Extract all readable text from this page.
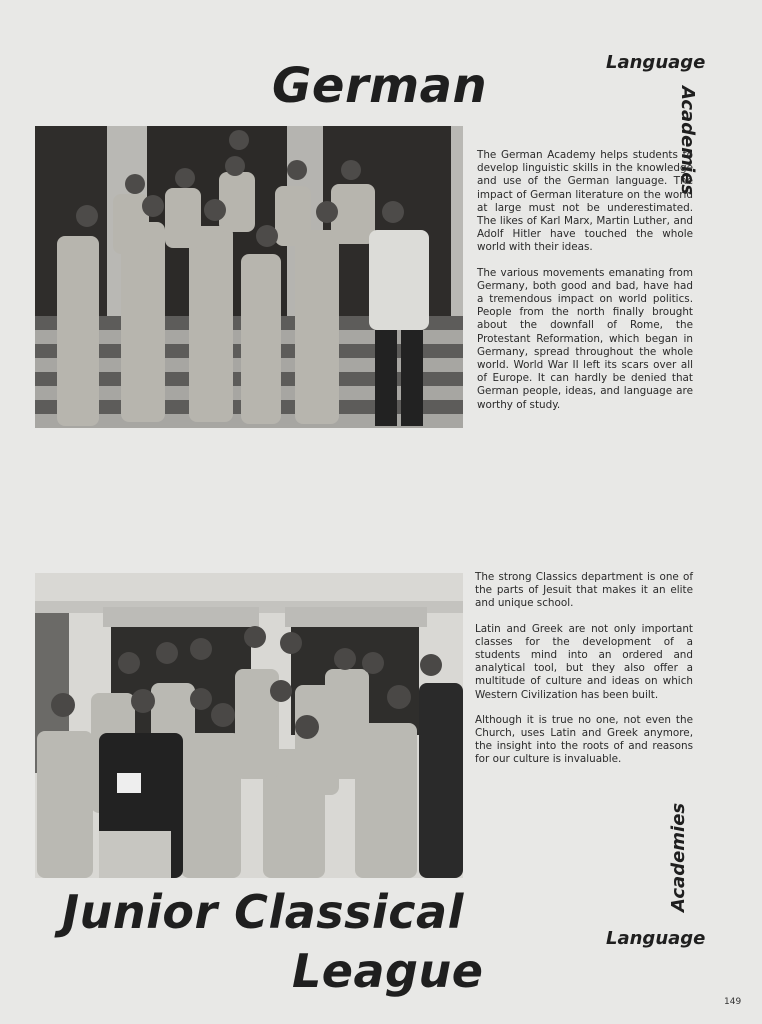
German	Language
Academies

The German Academy helps students to develop linguistic skills in the knowledge and use of the German language. The impact of German literature on the world at large must not be underestimated. The likes of Karl Marx, Martin Luther, and Adolf Hitler have touched the whole world with their ideas.

The various movements emanating from Germany, both good and bad, have had a tremendous impact on world politics. People from the north finally brought about the downfall of Rome, the Protestant Reformation, which began in Germany, spread throughout the whole world. World War II left its scars over all of Europe. It can hardly be denied that German people, ideas, and language are worthy of study.

The strong Classics department is one of the parts of Jesuit that makes it an elite and unique school.

Latin and Greek are not only important classes for the development of a students mind into an ordered and analytical tool, but they also offer a multitude of culture and ideas on which Western Civilization has been built.

Although it is true no one, not even the Church, uses Latin and Greek anymore, the insight into the roots of and reasons for our culture is invaluable.

Academies
Language
Junior Classical
League
149
